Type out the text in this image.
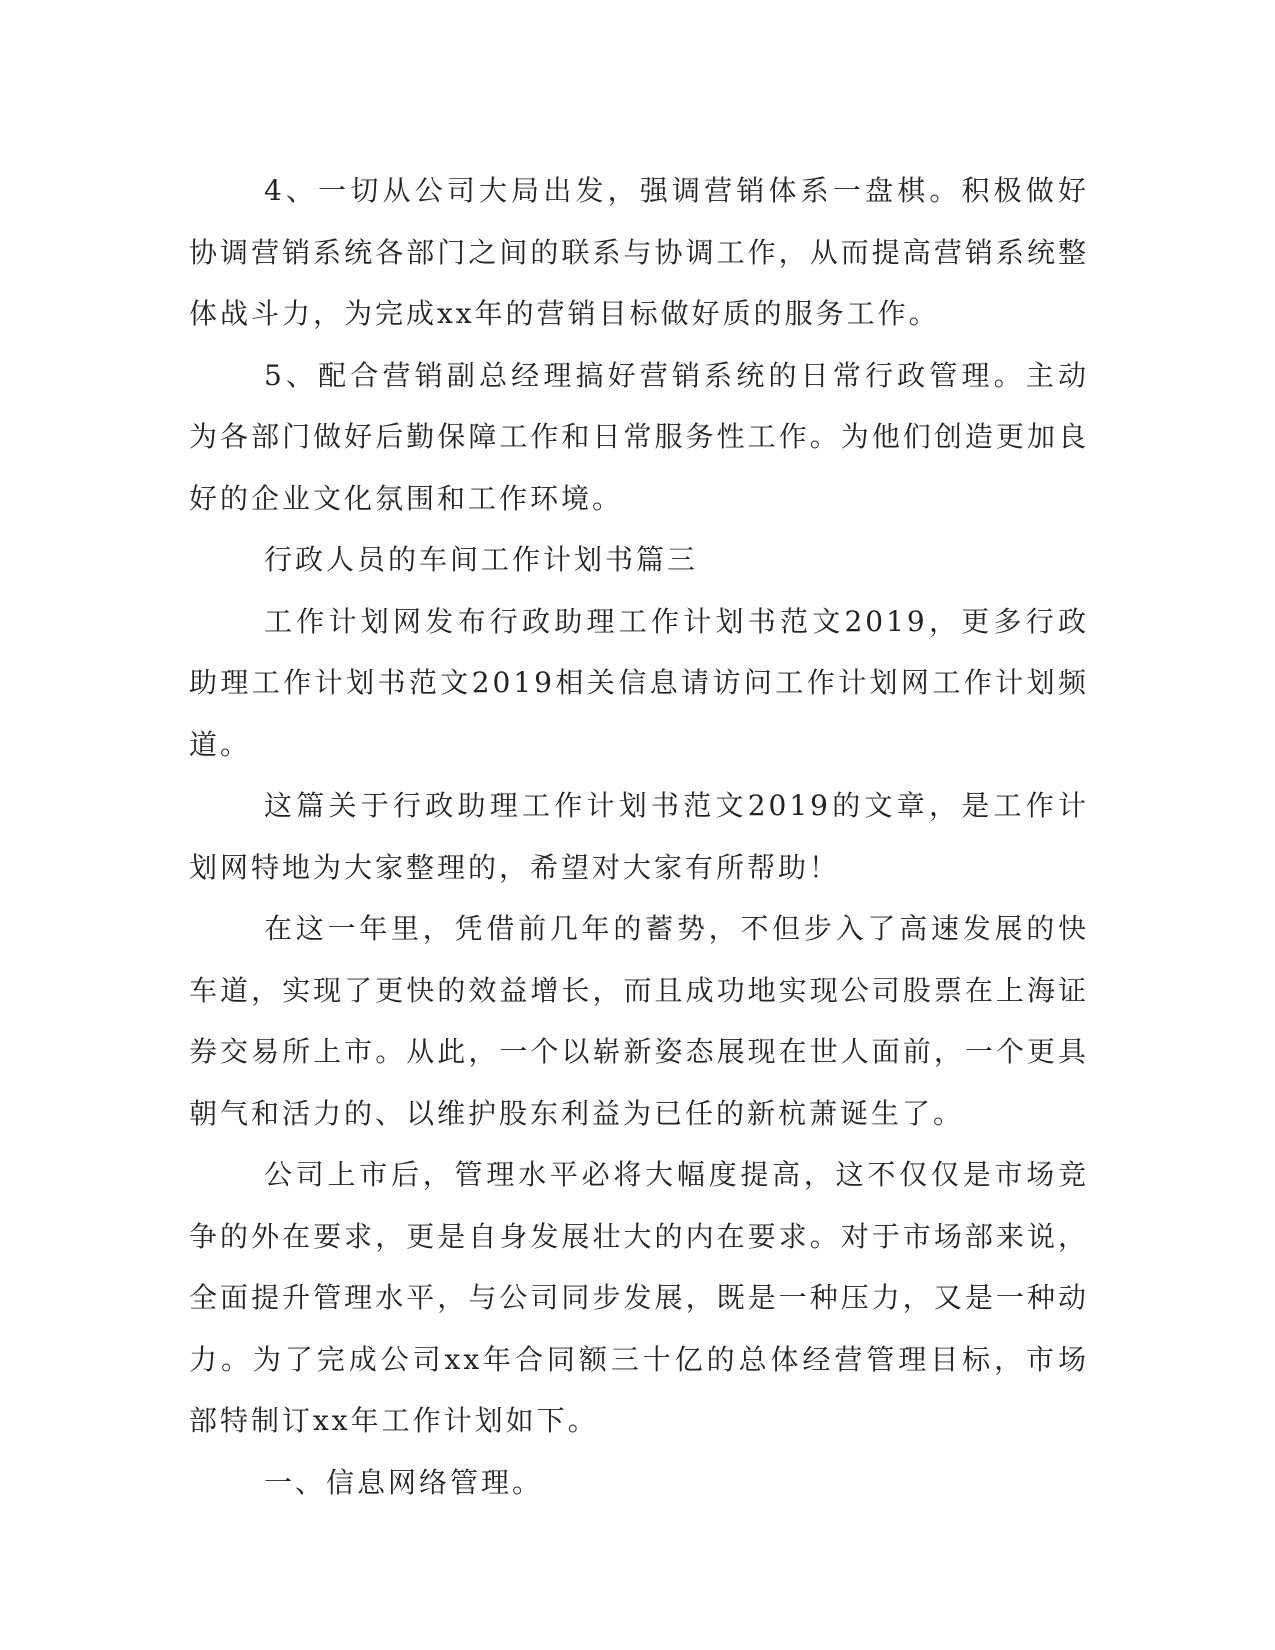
4、一切从公司大局出发，强调营销体系一盘棋。积极做好协调营销系统各部门之间的联系与协调工作，从而提高营销系统整体战斗力，为完成xx年的营销目标做好质的服务工作。

5、配合营销副总经理搞好营销系统的日常行政管理。主动为各部门做好后勤保障工作和日常服务性工作。为他们创造更加良好的企业文化氛围和工作环境。

行政人员的车间工作计划书篇三

工作计划网发布行政助理工作计划书范文2019，更多行政助理工作计划书范文2019相关信息请访问工作计划网工作计划频道。

这篇关于行政助理工作计划书范文2019的文章，是工作计划网特地为大家整理的，希望对大家有所帮助！

在这一年里，凭借前几年的蓄势，不但步入了高速发展的快车道，实现了更快的效益增长，而且成功地实现公司股票在上海证券交易所上市。从此，一个以崭新姿态展现在世人面前，一个更具朝气和活力的、以维护股东利益为已任的新杭萧诞生了。

公司上市后，管理水平必将大幅度提高，这不仅仅是市场竞争的外在要求，更是自身发展壮大的内在要求。对于市场部来说，全面提升管理水平，与公司同步发展，既是一种压力，又是一种动力。为了完成公司xx年合同额三十亿的总体经营管理目标，市场部特制订xx年工作计划如下。

一、信息网络管理。
